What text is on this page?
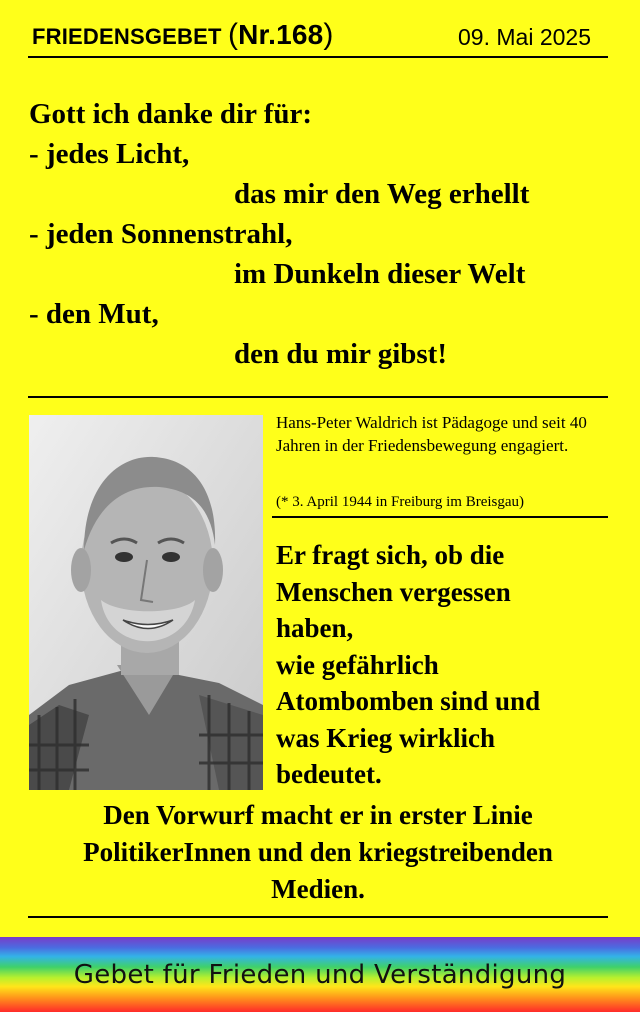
FRIEDENSGEBET (Nr.168)	09. Mai 2025
Gott ich danke dir für:
- jedes Licht,
das mir den Weg erhellt
- jeden Sonnenstrahl,
im Dunkeln dieser Welt
- den Mut,
den du mir gibst!
Hans-Peter Waldrich ist Pädagoge und seit 40 Jahren in der Friedensbewegung engagiert.
(* 3. April 1944 in Freiburg im Breisgau)
Er fragt sich, ob die
Menschen vergessen
haben,
wie gefährlich
Atombomben sind und
was Krieg wirklich
bedeutet.
Den Vorwurf macht er in erster Linie
PolitikerInnen und den kriegstreibenden
Medien.
Gebet für Frieden und Verständigung
